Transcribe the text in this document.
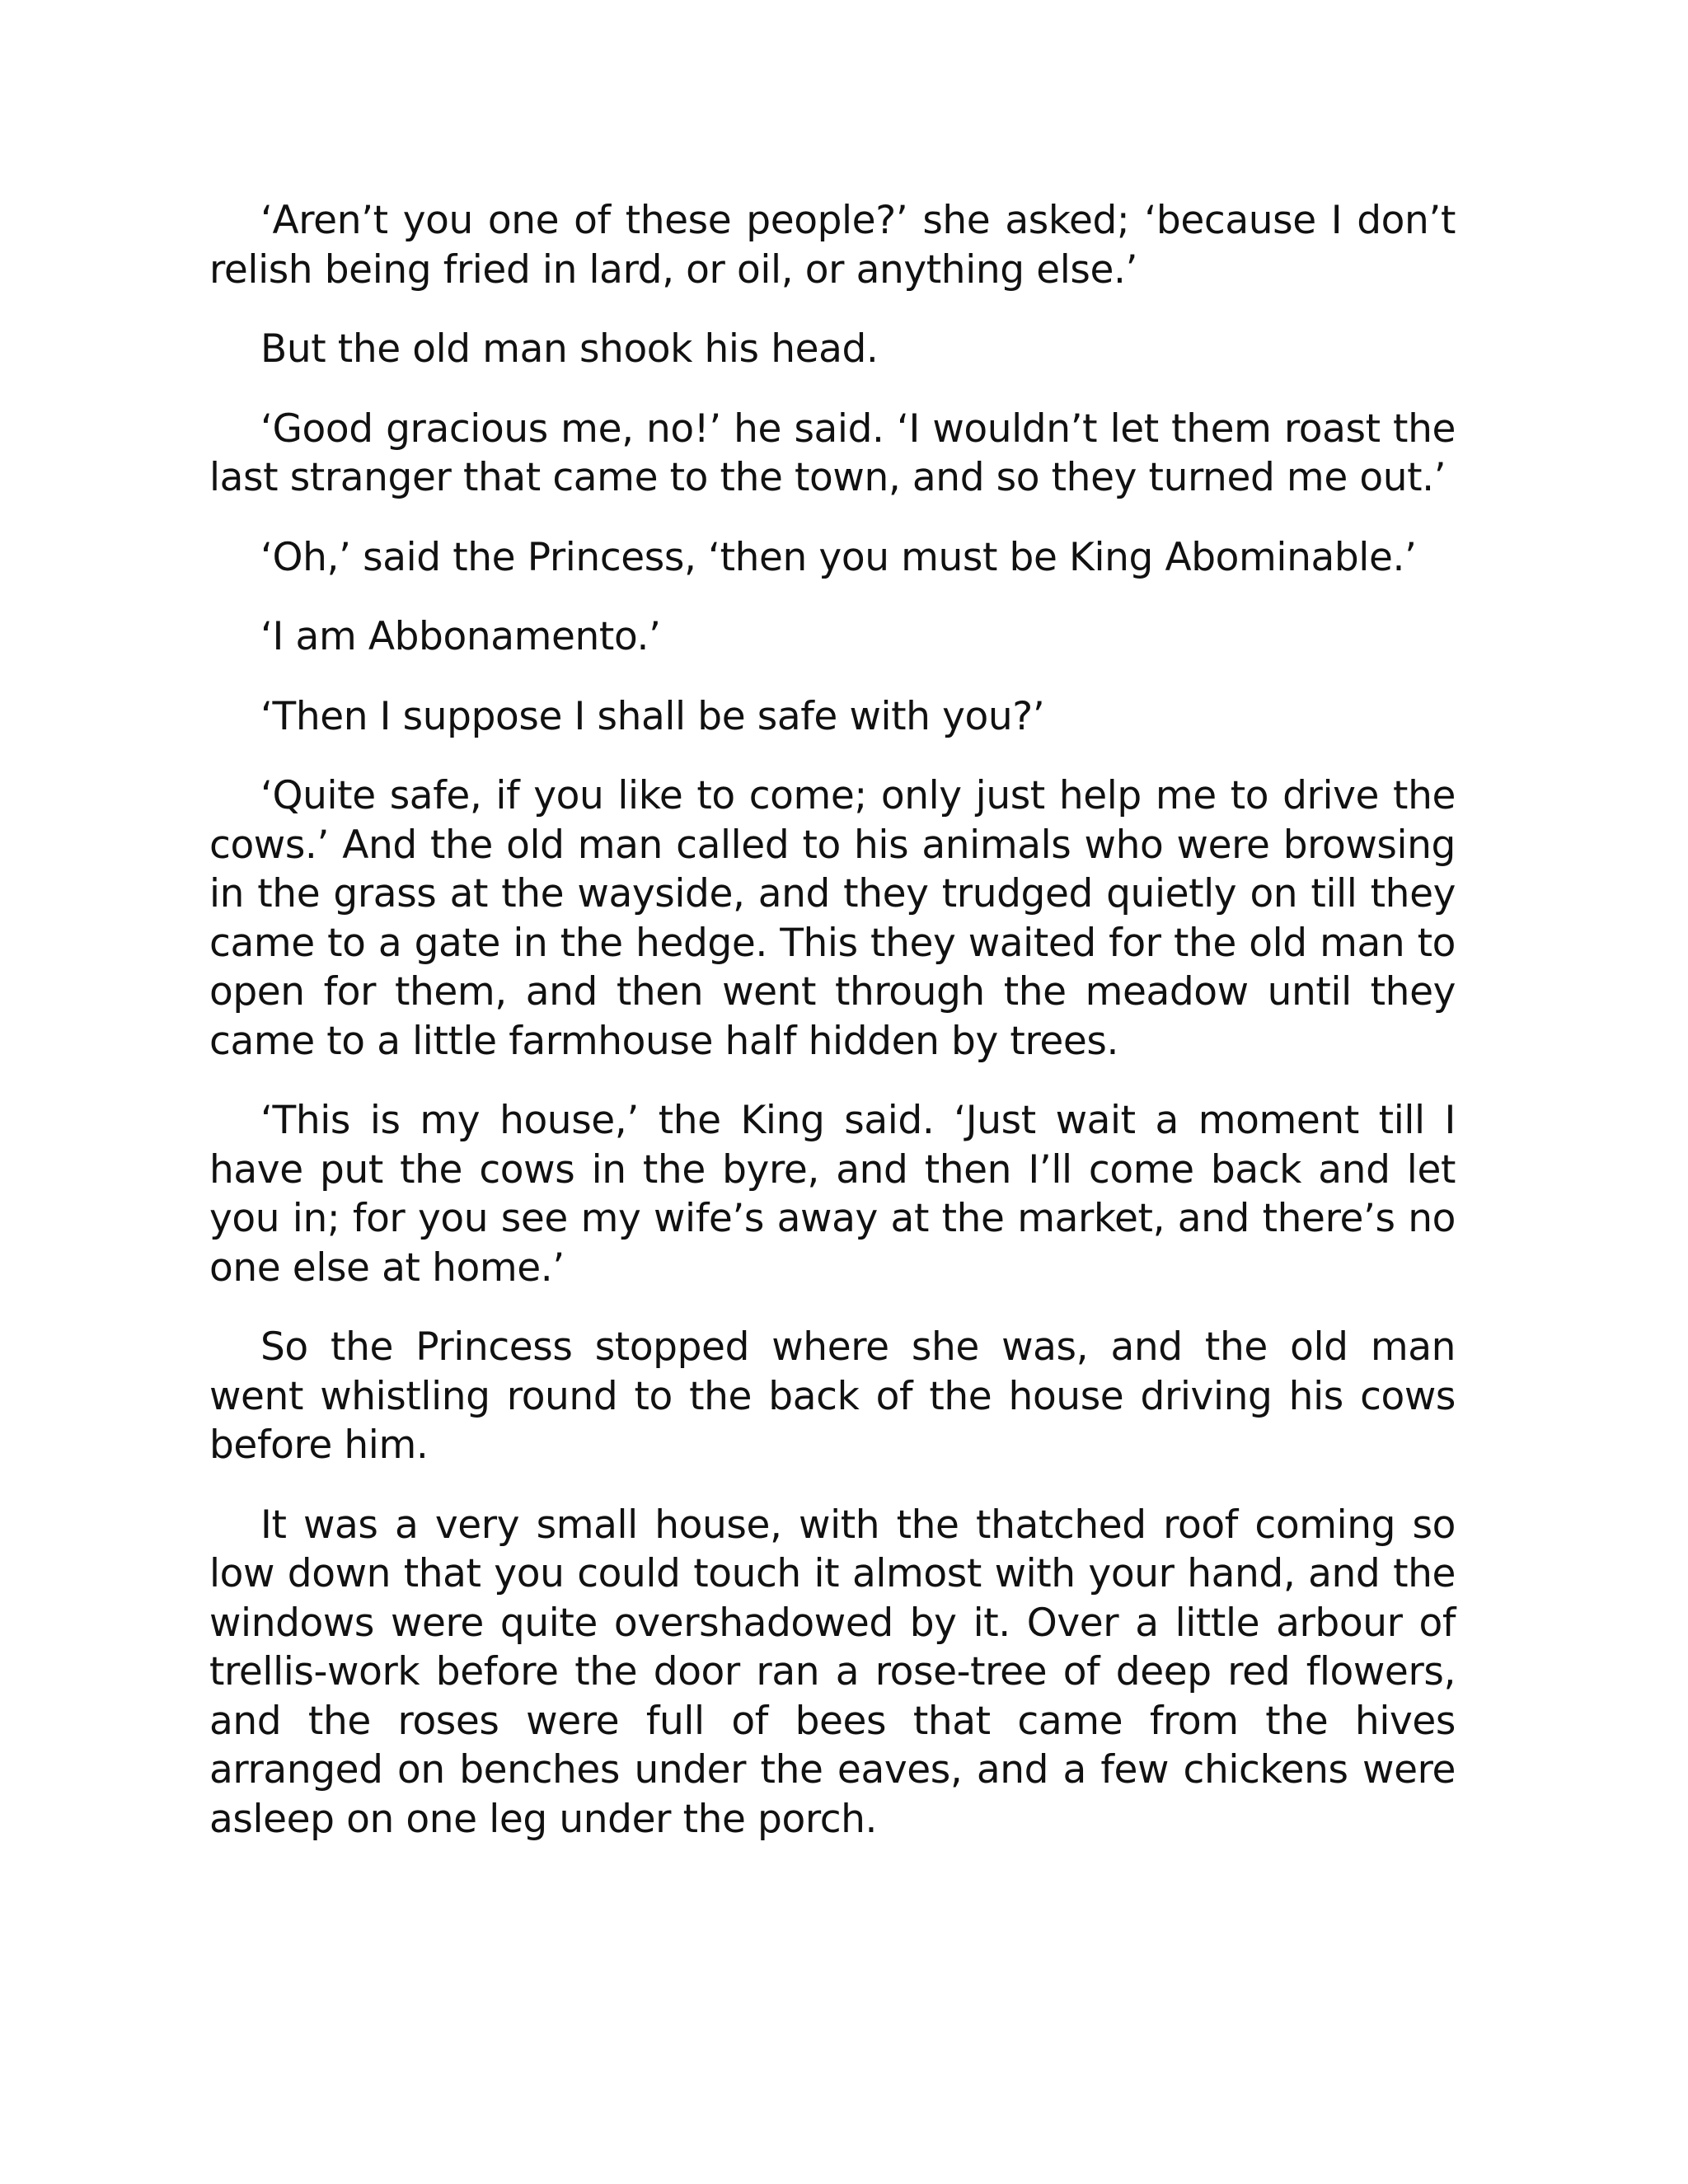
‘Aren’t you one of these people?’ she asked; ‘because I don’t relish being fried in lard, or oil, or anything else.’

But the old man shook his head.

‘Good gracious me, no!’ he said. ‘I wouldn’t let them roast the last stranger that came to the town, and so they turned me out.’

‘Oh,’ said the Princess, ‘then you must be King Abominable.’

‘I am Abbonamento.’

‘Then I suppose I shall be safe with you?’

‘Quite safe, if you like to come; only just help me to drive the cows.’ And the old man called to his animals who were browsing in the grass at the wayside, and they trudged quietly on till they came to a gate in the hedge. This they waited for the old man to open for them, and then went through the meadow until they came to a little farmhouse half hidden by trees.

‘This is my house,’ the King said. ‘Just wait a moment till I have put the cows in the byre, and then I’ll come back and let you in; for you see my wife’s away at the market, and there’s no one else at home.’

So the Princess stopped where she was, and the old man went whistling round to the back of the house driving his cows before him.

It was a very small house, with the thatched roof coming so low down that you could touch it almost with your hand, and the windows were quite overshadowed by it. Over a little arbour of trellis-work before the door ran a rose-tree of deep red flowers, and the roses were full of bees that came from the hives arranged on benches under the eaves, and a few chickens were asleep on one leg under the porch.
